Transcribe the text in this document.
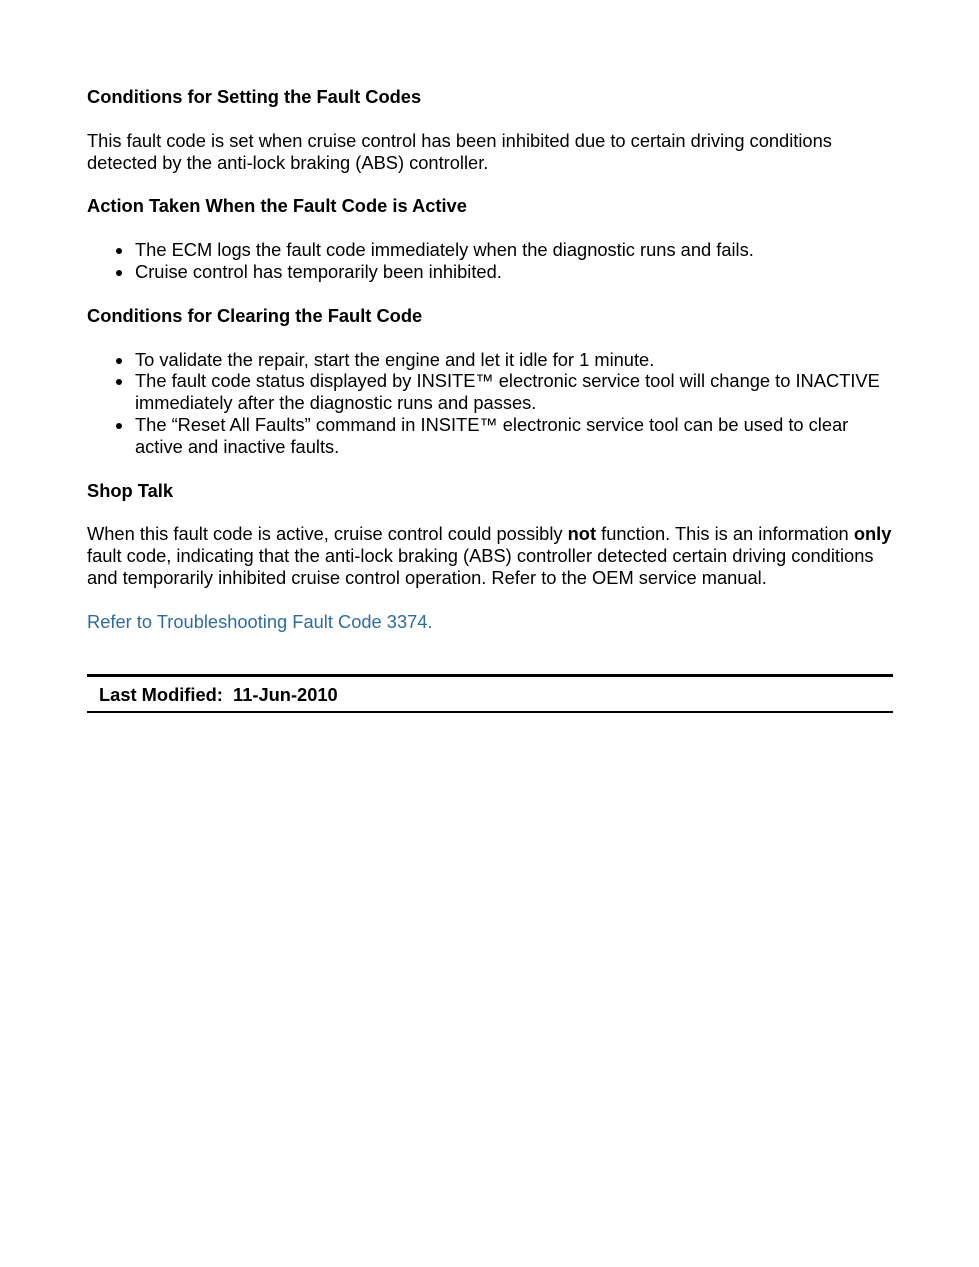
Conditions for Setting the Fault Codes

This fault code is set when cruise control has been inhibited due to certain driving conditions detected by the anti-lock braking (ABS) controller.

Action Taken When the Fault Code is Active
The ECM logs the fault code immediately when the diagnostic runs and fails.
Cruise control has temporarily been inhibited.
Conditions for Clearing the Fault Code
To validate the repair, start the engine and let it idle for 1 minute.
The fault code status displayed by INSITE™ electronic service tool will change to INACTIVE immediately after the diagnostic runs and passes.
The “Reset All Faults” command in INSITE™ electronic service tool can be used to clear active and inactive faults.
Shop Talk

When this fault code is active, cruise control could possibly not function. This is an information only fault code, indicating that the anti-lock braking (ABS) controller detected certain driving conditions and temporarily inhibited cruise control operation. Refer to the OEM service manual.

Refer to Troubleshooting Fault Code 3374.

Last Modified:  11-Jun-2010
